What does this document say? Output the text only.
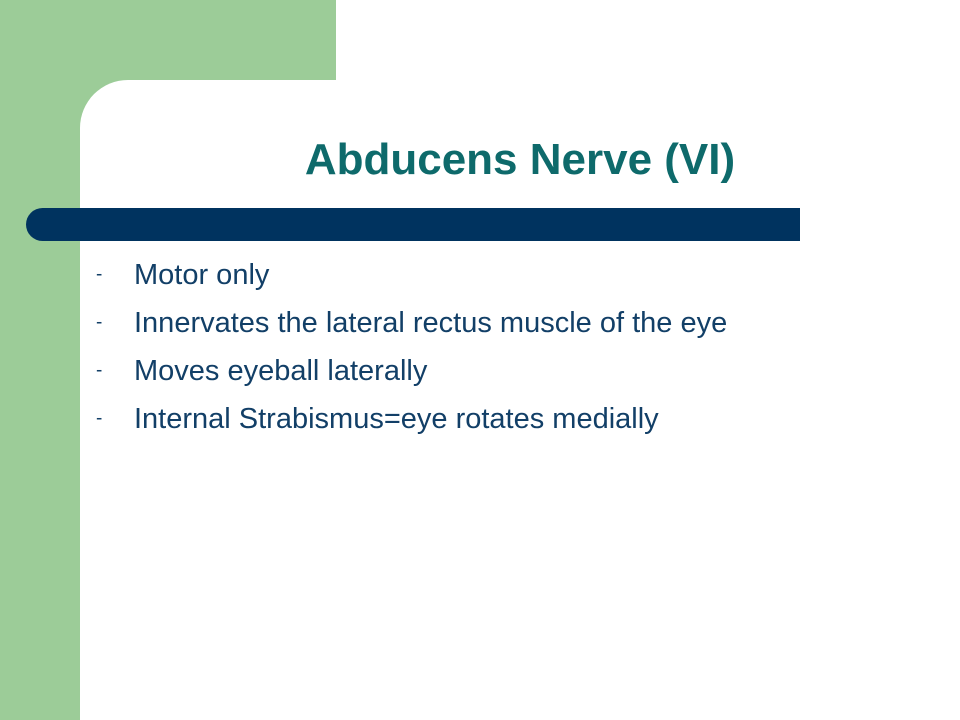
Abducens Nerve (VI)
- Motor only
- Innervates the lateral rectus muscle of the eye
- Moves eyeball laterally
- Internal Strabismus=eye rotates medially
